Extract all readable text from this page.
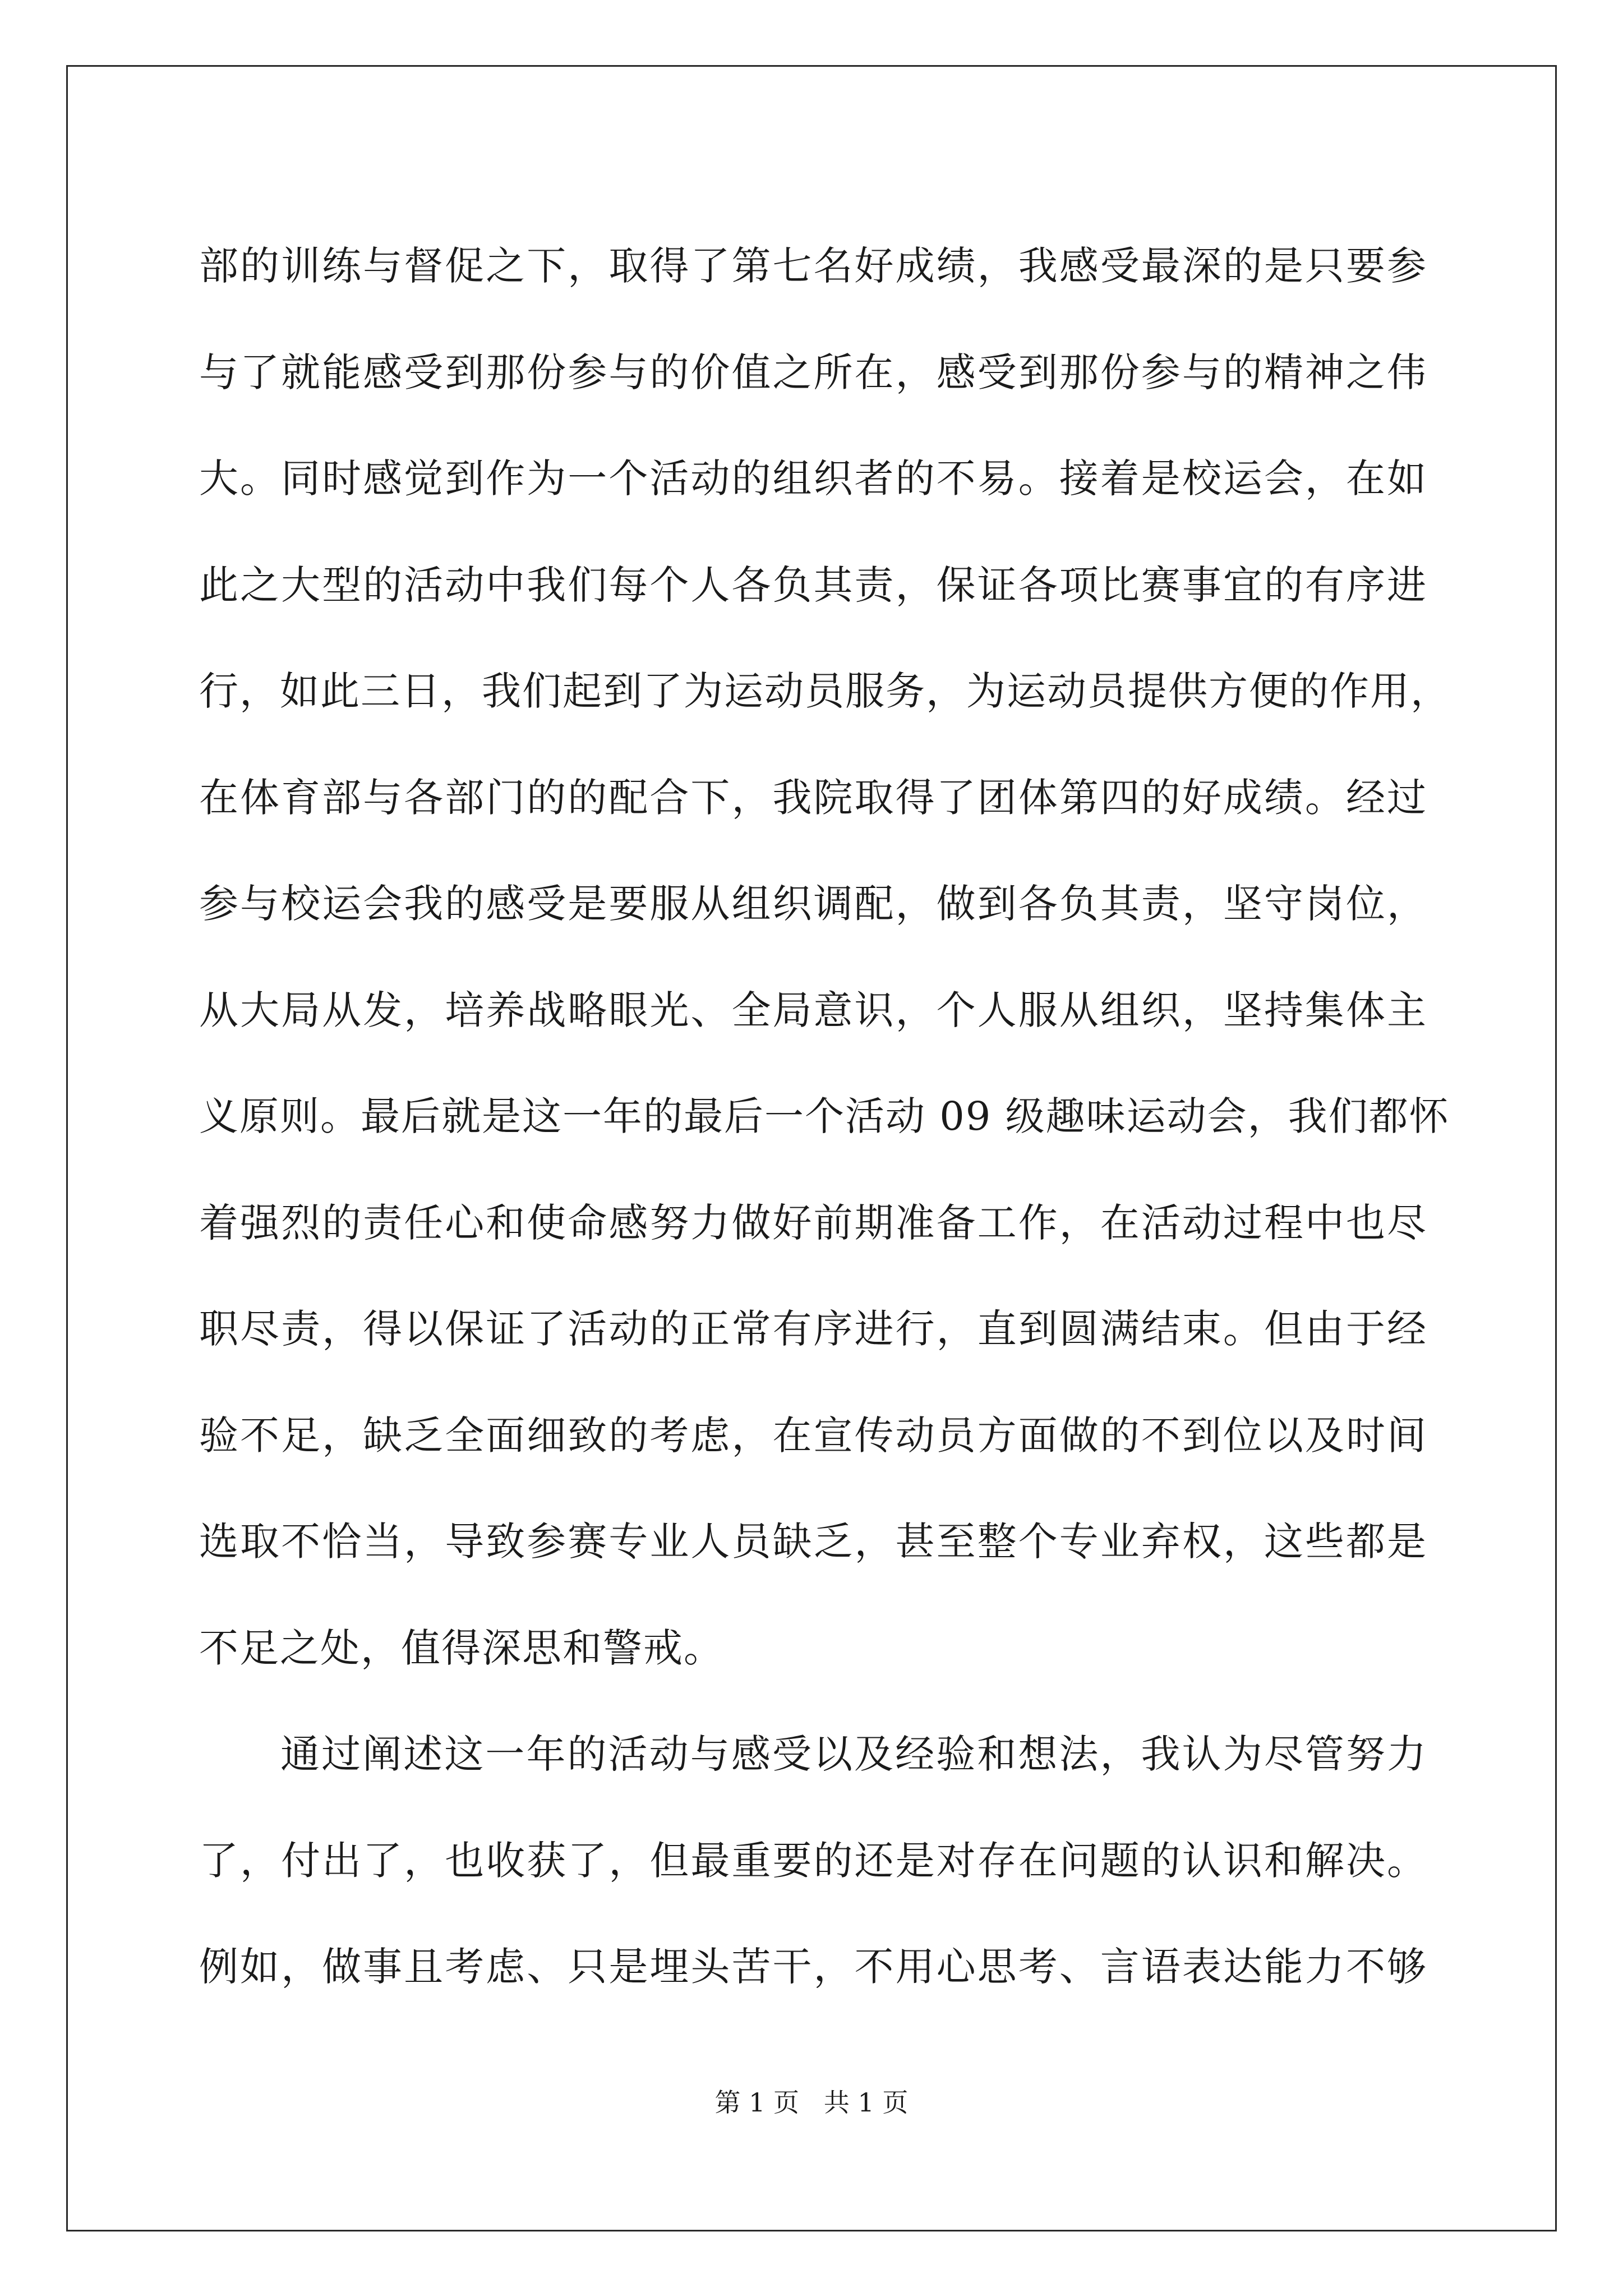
部的训练与督促之下，取得了第七名好成绩，我感受最深的是只要参
与了就能感受到那份参与的价值之所在，感受到那份参与的精神之伟
大。同时感觉到作为一个活动的组织者的不易。接着是校运会，在如
此之大型的活动中我们每个人各负其责，保证各项比赛事宜的有序进
行，如此三日，我们起到了为运动员服务，为运动员提供方便的作用，
在体育部与各部门的的配合下，我院取得了团体第四的好成绩。经过
参与校运会我的感受是要服从组织调配，做到各负其责，坚守岗位，
从大局从发，培养战略眼光、全局意识，个人服从组织，坚持集体主
义原则。最后就是这一年的最后一个活动 09 级趣味运动会，我们都怀
着强烈的责任心和使命感努力做好前期准备工作，在活动过程中也尽
职尽责，得以保证了活动的正常有序进行，直到圆满结束。但由于经
验不足，缺乏全面细致的考虑，在宣传动员方面做的不到位以及时间
选取不恰当，导致参赛专业人员缺乏，甚至整个专业弃权，这些都是
不足之处，值得深思和警戒。
通过阐述这一年的活动与感受以及经验和想法，我认为尽管努力
了，付出了，也收获了，但最重要的还是对存在问题的认识和解决。
例如，做事且考虑、只是埋头苦干，不用心思考、言语表达能力不够
第 1 页   共 1 页
